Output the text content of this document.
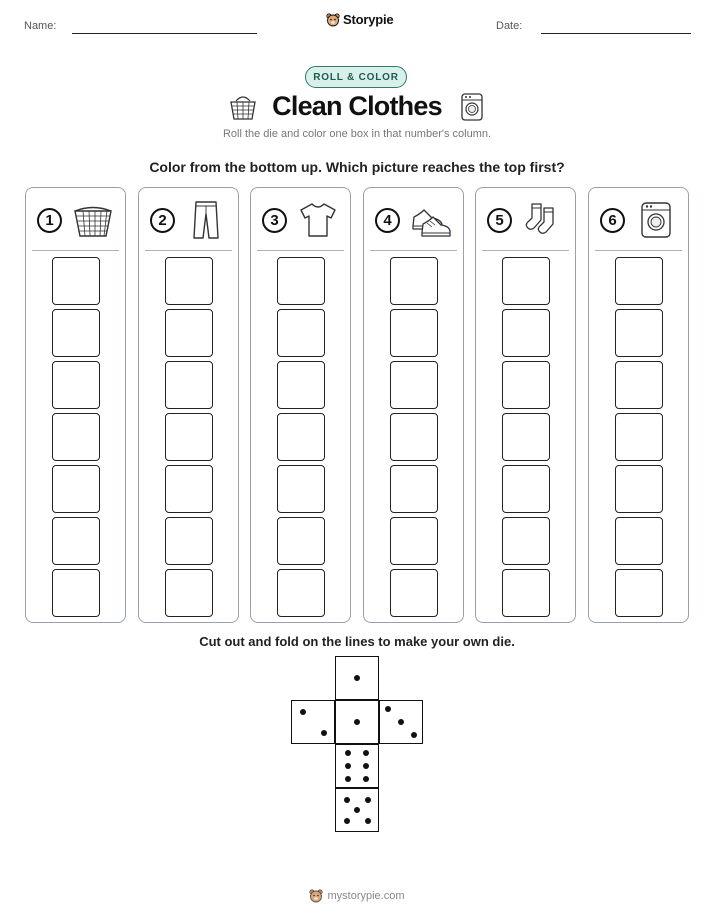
Name:	Storypie	Date:
ROLL & COLOR
Clean Clothes
Roll the die and color one box in that number's column.
Color from the bottom up. Which picture reaches the top first?
1	2	3	4	5	6
Cut out and fold on the lines to make your own die.
mystorypie.com
